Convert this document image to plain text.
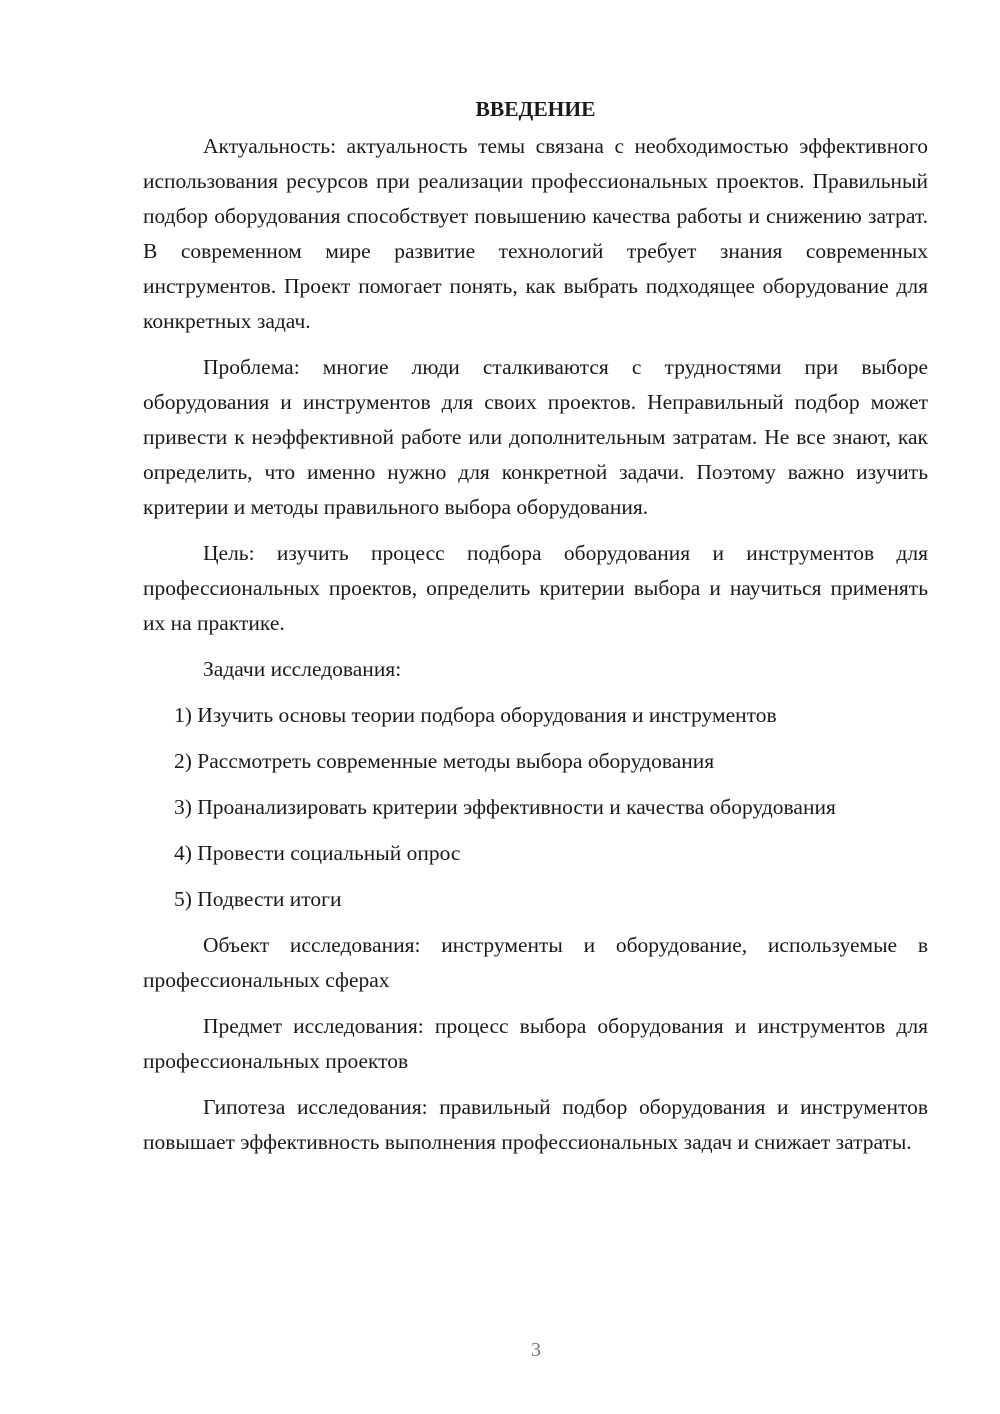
ВВЕДЕНИЕ

Актуальность: актуальность темы связана с необходимостью эффективного использования ресурсов при реализации профессиональных проектов. Правильный подбор оборудования способствует повышению качества работы и снижению затрат. В современном мире развитие технологий требует знания современных инструментов. Проект помогает понять, как выбрать подходящее оборудование для конкретных задач.

Проблема: многие люди сталкиваются с трудностями при выборе оборудования и инструментов для своих проектов. Неправильный подбор может привести к неэффективной работе или дополнительным затратам. Не все знают, как определить, что именно нужно для конкретной задачи. Поэтому важно изучить критерии и методы правильного выбора оборудования.

Цель: изучить процесс подбора оборудования и инструментов для профессиональных проектов, определить критерии выбора и научиться применять их на практике.

Задачи исследования:

1) Изучить основы теории подбора оборудования и инструментов

2) Рассмотреть современные методы выбора оборудования

3) Проанализировать критерии эффективности и качества оборудования

4) Провести социальный опрос

5) Подвести итоги

Объект исследования: инструменты и оборудование, используемые в профессиональных сферах

Предмет исследования: процесс выбора оборудования и инструментов для профессиональных проектов

Гипотеза исследования: правильный подбор оборудования и инструментов повышает эффективность выполнения профессиональных задач и снижает затраты.

3
